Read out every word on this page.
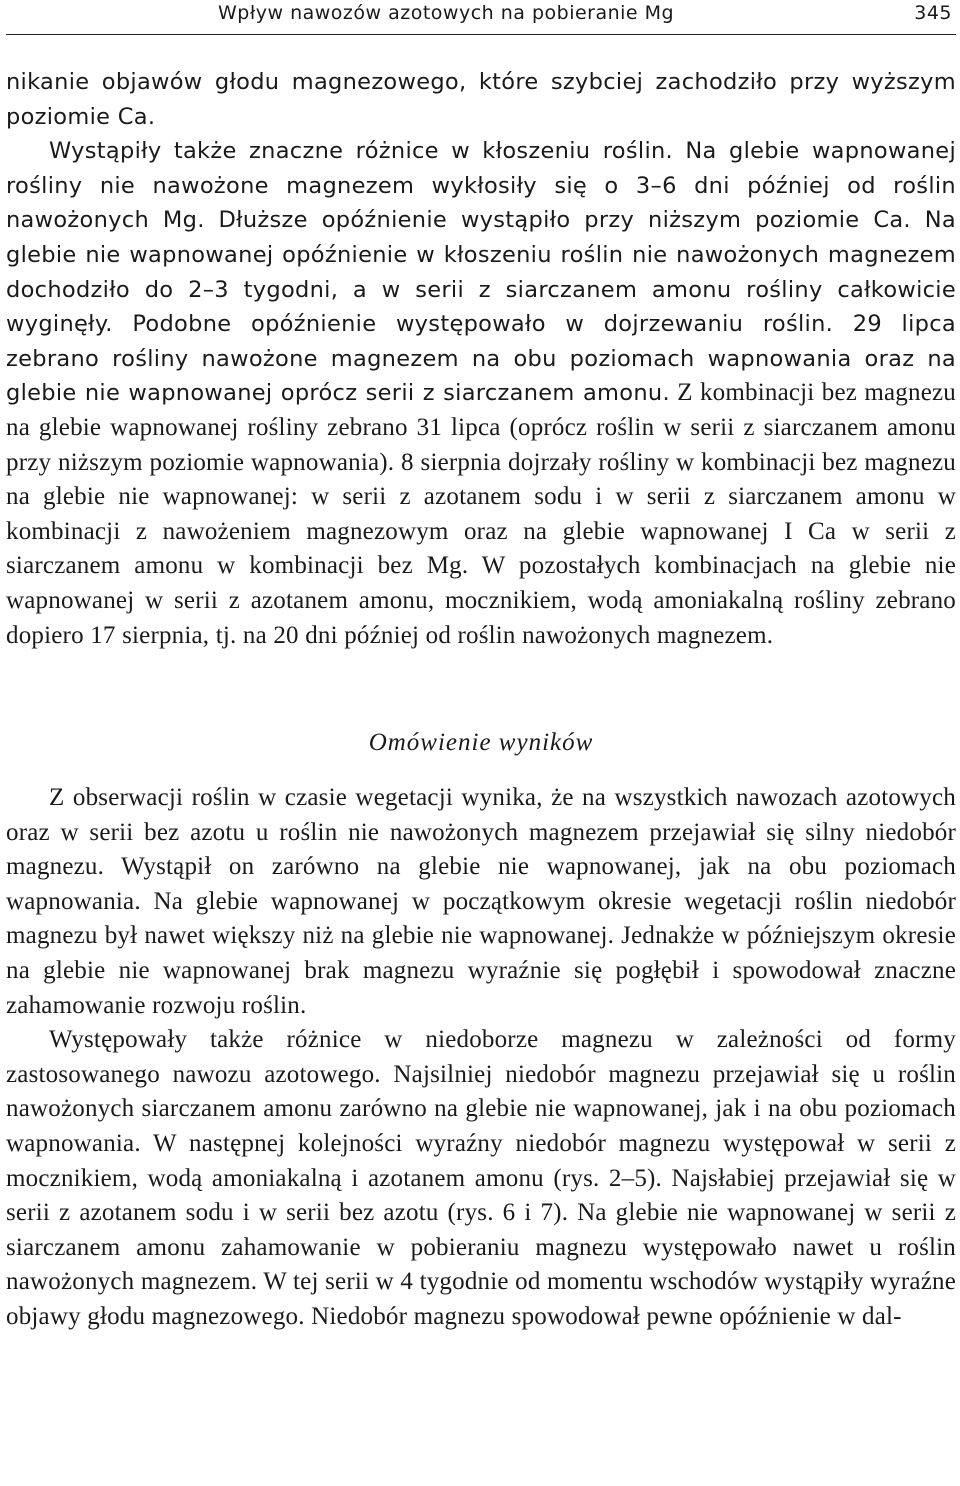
Wpływ nawozów azotowych na pobieranie Mg	345

nikanie objawów głodu magnezowego, które szybciej zachodziło przy wyższym poziomie Ca.

Wystąpiły także znaczne różnice w kłoszeniu roślin. Na glebie wapnowanej rośliny nie nawożone magnezem wykłosiły się o 3–6 dni później od roślin nawożonych Mg. Dłuższe opóźnienie wystąpiło przy niższym poziomie Ca. Na glebie nie wapnowanej opóźnienie w kłoszeniu roślin nie nawożonych magnezem dochodziło do 2–3 tygodni, a w serii z siarczanem amonu rośliny całkowicie wyginęły. Podobne opóźnienie występowało w dojrzewaniu roślin. 29 lipca zebrano rośliny nawożone magnezem na obu poziomach wapnowania oraz na glebie nie wapnowanej oprócz serii z siarczanem amonu. Z kombinacji bez magnezu na glebie wapnowanej rośliny zebrano 31 lipca (oprócz roślin w serii z siarczanem amonu przy niższym poziomie wapnowania). 8 sierpnia dojrzały rośliny w kombinacji bez magnezu na glebie nie wapnowanej: w serii z azotanem sodu i w serii z siarczanem amonu w kombinacji z nawożeniem magnezowym oraz na glebie wapnowanej I Ca w serii z siarczanem amonu w kombinacji bez Mg. W pozostałych kombinacjach na glebie nie wapnowanej w serii z azotanem amonu, mocznikiem, wodą amoniakalną rośliny zebrano dopiero 17 sierpnia, tj. na 20 dni później od roślin nawożonych magnezem.

Omówienie wyników

Z obserwacji roślin w czasie wegetacji wynika, że na wszystkich nawozach azotowych oraz w serii bez azotu u roślin nie nawożonych magnezem przejawiał się silny niedobór magnezu. Wystąpił on zarówno na glebie nie wapnowanej, jak na obu poziomach wapnowania. Na glebie wapnowanej w początkowym okresie wegetacji roślin niedobór magnezu był nawet większy niż na glebie nie wapnowanej. Jednakże w późniejszym okresie na glebie nie wapnowanej brak magnezu wyraźnie się pogłębił i spowodował znaczne zahamowanie rozwoju roślin.

Występowały także różnice w niedoborze magnezu w zależności od formy zastosowanego nawozu azotowego. Najsilniej niedobór magnezu przejawiał się u roślin nawożonych siarczanem amonu zarówno na glebie nie wapnowanej, jak i na obu poziomach wapnowania. W następnej kolejności wyraźny niedobór magnezu występował w serii z mocznikiem, wodą amoniakalną i azotanem amonu (rys. 2–5). Najsłabiej przejawiał się w serii z azotanem sodu i w serii bez azotu (rys. 6 i 7). Na glebie nie wapnowanej w serii z siarczanem amonu zahamowanie w pobieraniu magnezu występowało nawet u roślin nawożonych magnezem. W tej serii w 4 tygodnie od momentu wschodów wystąpiły wyraźne objawy głodu magnezowego. Niedobór magnezu spowodował pewne opóźnienie w dal-
